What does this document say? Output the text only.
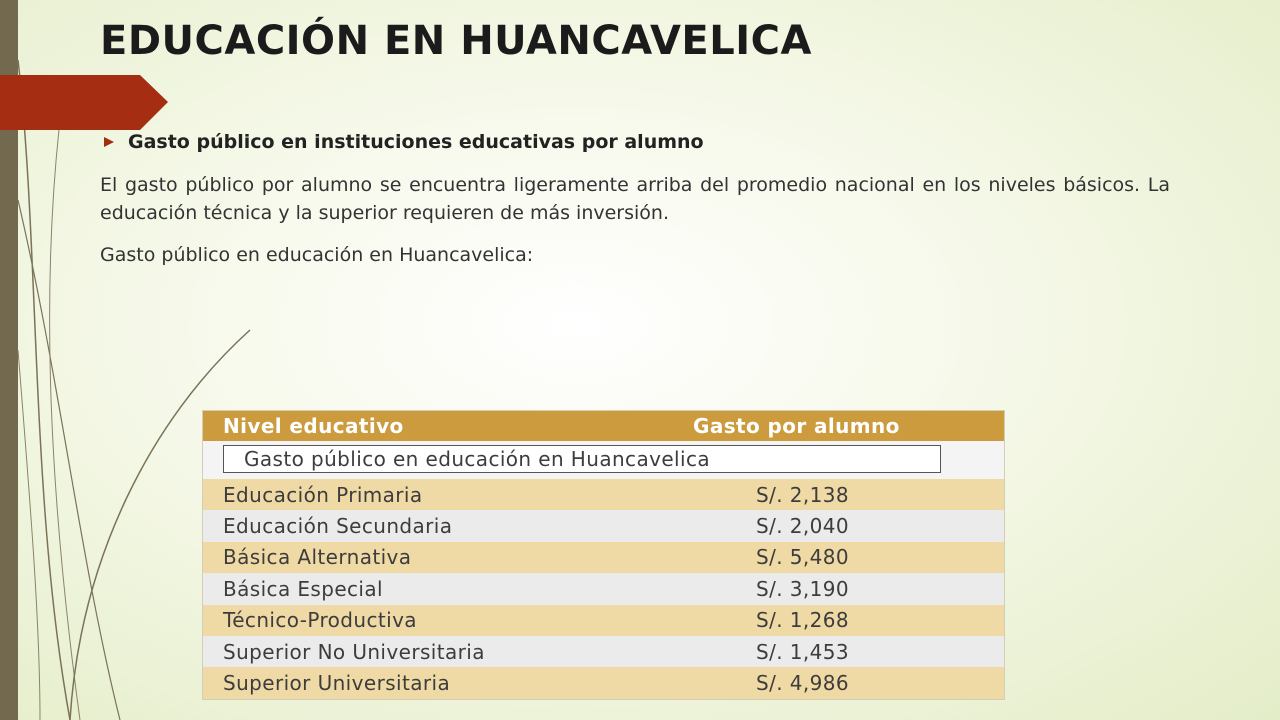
EDUCACIÓN EN HUANCAVELICA
Gasto público en instituciones educativas por alumno

El gasto público por alumno se encuentra ligeramente arriba del promedio nacional en los niveles básicos. La educación técnica y la superior requieren de más inversión.

Gasto público en educación en Huancavelica:

Nivel educativo	Gasto por alumno
Gasto público en educación en Huancavelica
Educación Primaria	S/. 2,138
Educación Secundaria	S/. 2,040
Básica Alternativa	S/. 5,480
Básica Especial	S/. 3,190
Técnico-Productiva	S/. 1,268
Superior No Universitaria	S/. 1,453
Superior Universitaria	S/. 4,986
